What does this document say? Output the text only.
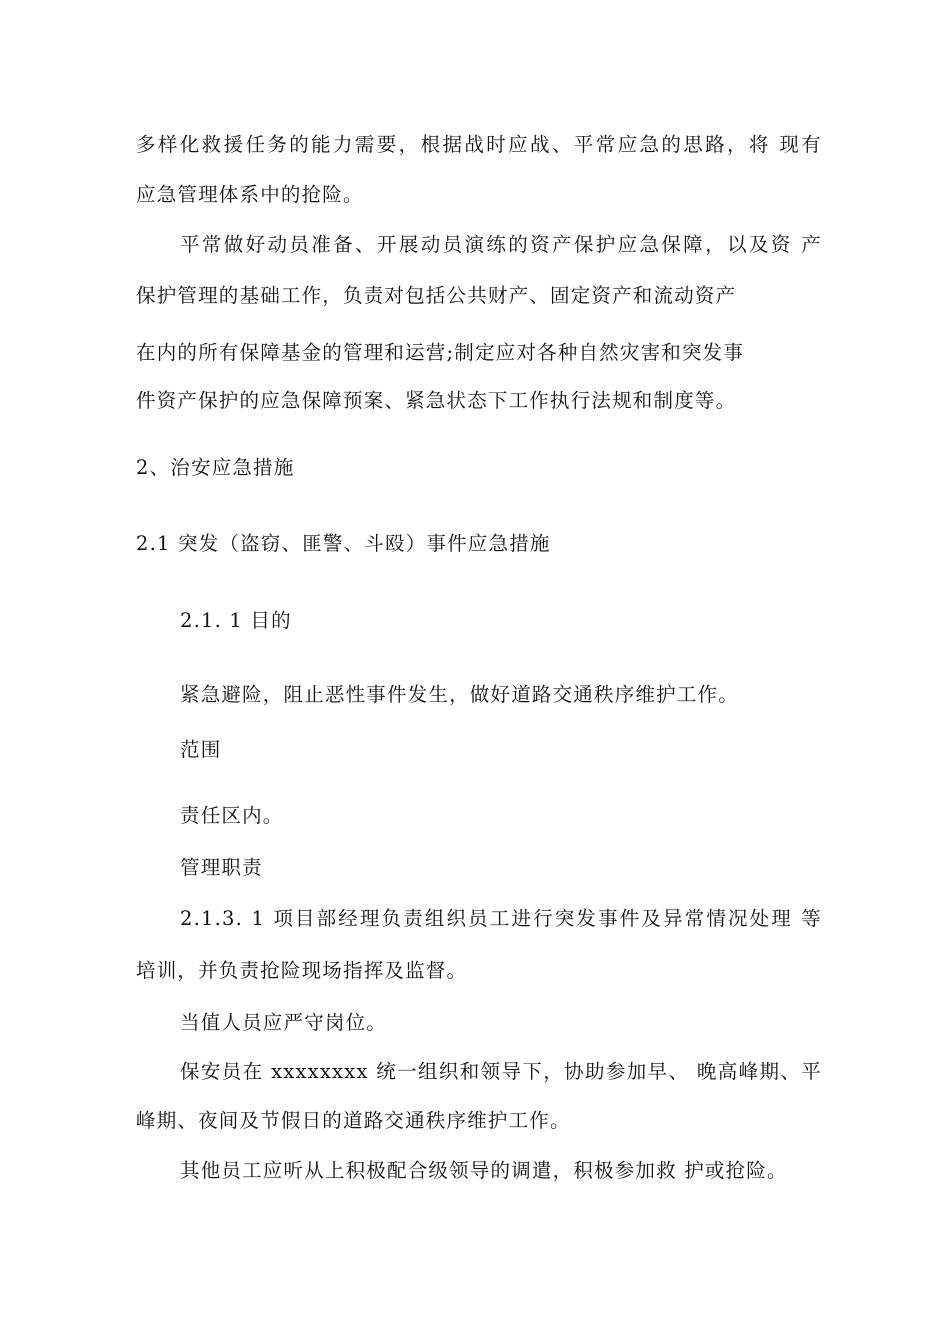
多样化救援任务的能力需要，根据战时应战、平常应急的思路，将 现有
应急管理体系中的抢险。
平常做好动员准备、开展动员演练的资产保护应急保障，以及资 产
保护管理的基础工作，负责对包括公共财产、固定资产和流动资产
在内的所有保障基金的管理和运营;制定应对各种自然灾害和突发事
件资产保护的应急保障预案、紧急状态下工作执行法规和制度等。
2、治安应急措施
2.1 突发（盗窃、匪警、斗殴）事件应急措施
2.1. 1 目的
紧急避险，阻止恶性事件发生，做好道路交通秩序维护工作。
范围
责任区内。
管理职责
2.1.3. 1 项目部经理负责组织员工进行突发事件及异常情况处理 等
培训，并负责抢险现场指挥及监督。
当值人员应严守岗位。
保安员在 xxxxxxxx 统一组织和领导下，协助参加早、 晚高峰期、平
峰期、夜间及节假日的道路交通秩序维护工作。
其他员工应听从上积极配合级领导的调遣，积极参加救 护或抢险。
